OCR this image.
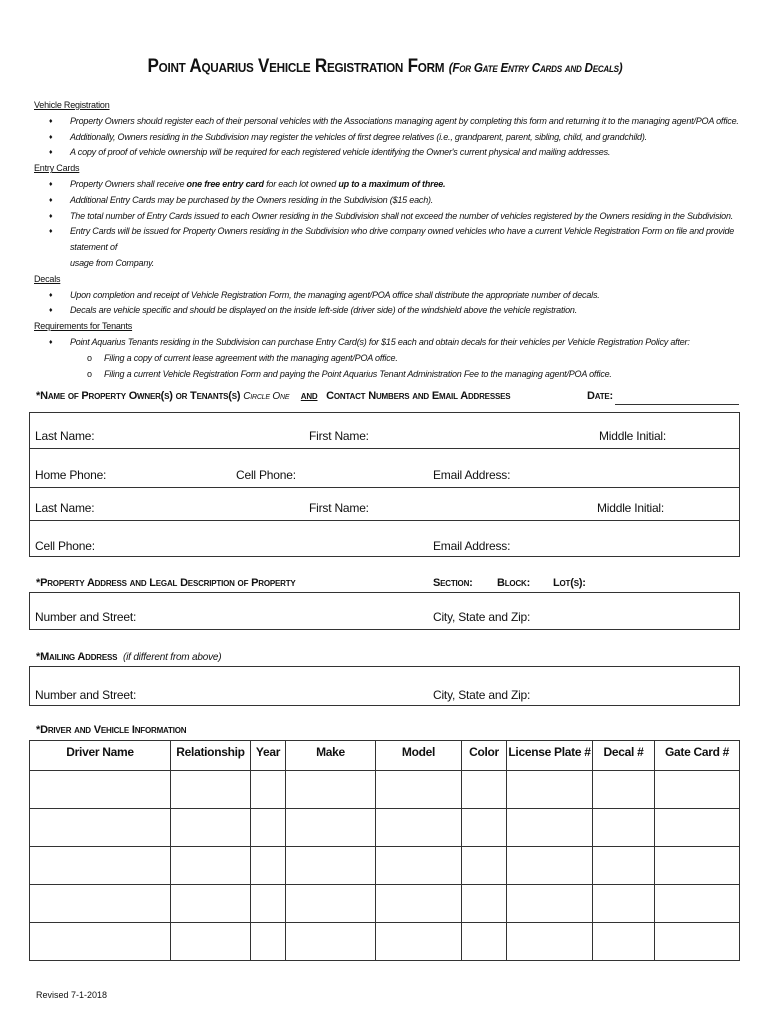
Point Aquarius Vehicle Registration Form (For Gate Entry Cards and Decals)
Vehicle Registration
♦ Property Owners should register each of their personal vehicles with the Associations managing agent by completing this form and returning it to the managing agent/POA office.
♦ Additionally, Owners residing in the Subdivision may register the vehicles of first degree relatives (i.e., grandparent, parent, sibling, child, and grandchild).
♦ A copy of proof of vehicle ownership will be required for each registered vehicle identifying the Owner's current physical and mailing addresses.
Entry Cards
♦ Property Owners shall receive one free entry card for each lot owned up to a maximum of three.
♦ Additional Entry Cards may be purchased by the Owners residing in the Subdivision ($15 each).
♦ The total number of Entry Cards issued to each Owner residing in the Subdivision shall not exceed the number of vehicles registered by the Owners residing in the Subdivision.
♦ Entry Cards will be issued for Property Owners residing in the Subdivision who drive company owned vehicles who have a current Vehicle Registration Form on file and provide statement of
usage from Company.
Decals
♦ Upon completion and receipt of Vehicle Registration Form, the managing agent/POA office shall distribute the appropriate number of decals.
♦ Decals are vehicle specific and should be displayed on the inside left-side (driver side) of the windshield above the vehicle registration.
Requirements for Tenants
♦ Point Aquarius Tenants residing in the Subdivision can purchase Entry Card(s) for $15 each and obtain decals for their vehicles per Vehicle Registration Policy after:
o Filing a copy of current lease agreement with the managing agent/POA office.
o Filing a current Vehicle Registration Form and paying the Point Aquarius Tenant Administration Fee to the managing agent/POA office.
*Name of Property Owner(s) or Tenants(s) Circle One and Contact Numbers and Email Addresses	Date:
Last Name:	First Name:	Middle Initial:
Home Phone:	Cell Phone:	Email Address:
Last Name:	First Name:	Middle Initial:
Cell Phone:	Email Address:
*Property Address and Legal Description of Property	Section: Block: Lot(s):
Number and Street:	City, State and Zip:
*Mailing Address (if different from above)
Number and Street:	City, State and Zip:
*Driver and Vehicle Information
Driver Name	Relationship	Year	Make	Model	Color	License Plate #	Decal #	Gate Card #

Revised 7-1-2018
